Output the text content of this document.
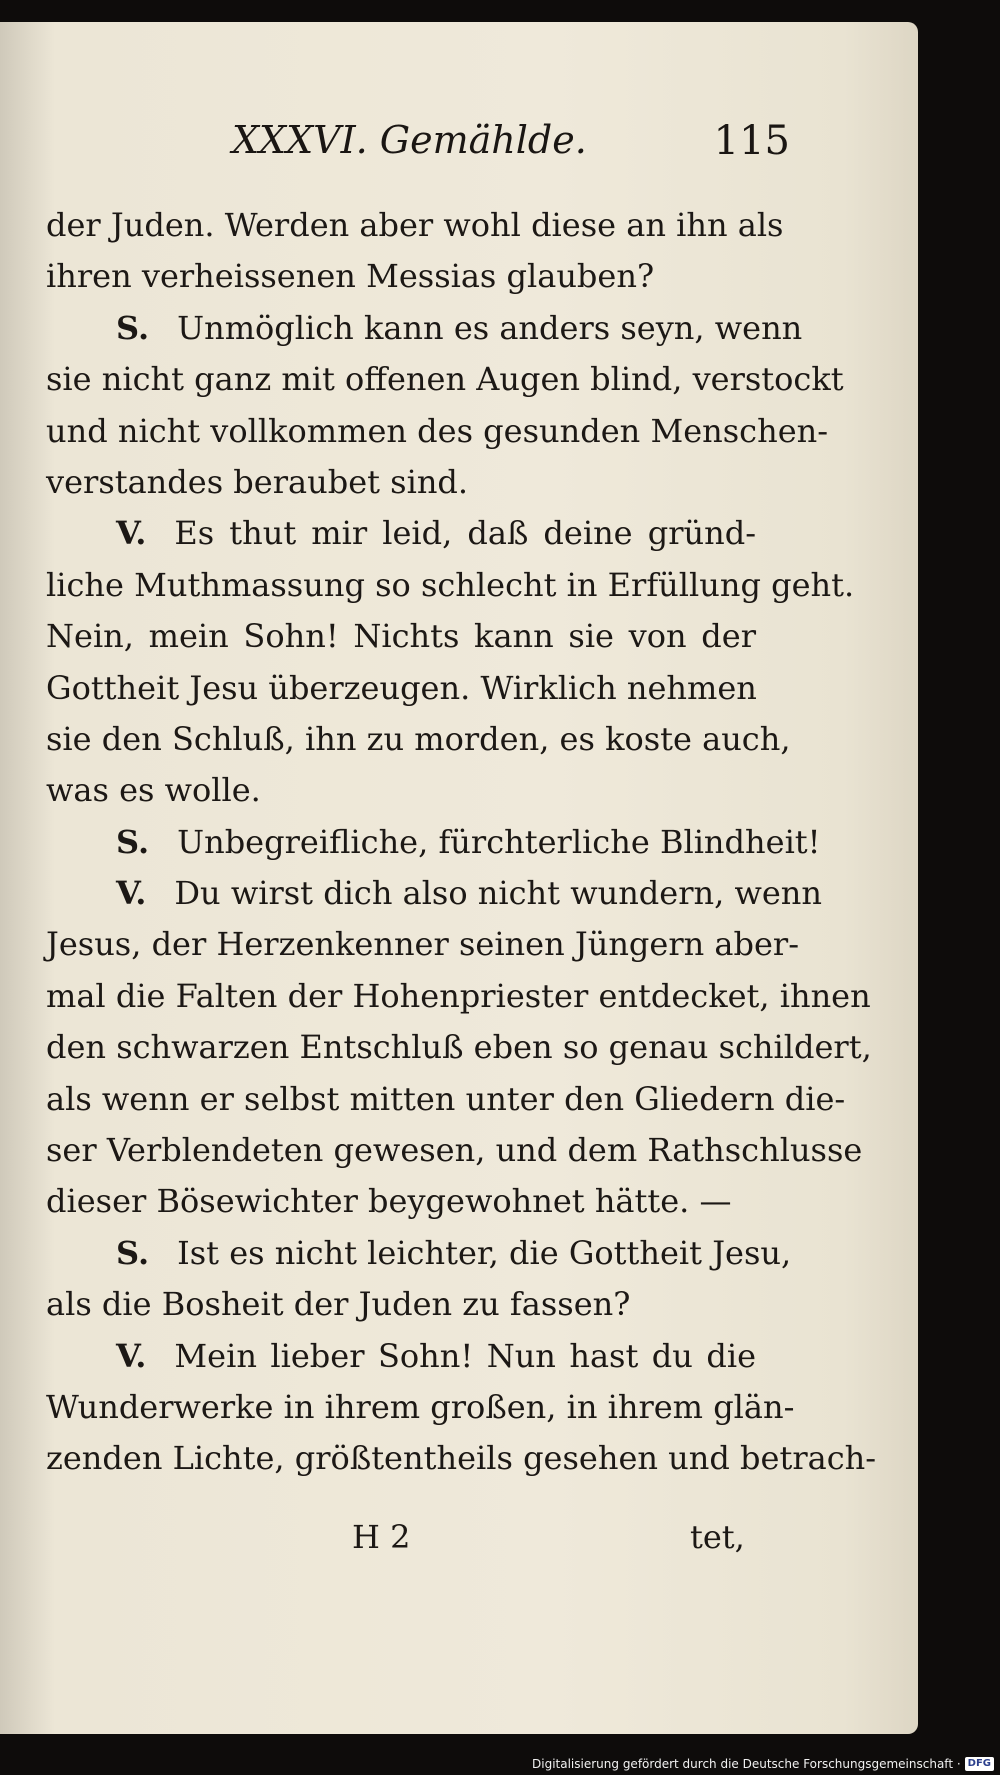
XXXVI. Gemählde.	115
der Juden. Werden aber wohl diese an ihn als
ihren verheissenen Messias glauben?
S. Unmöglich kann es anders seyn, wenn
sie nicht ganz mit offenen Augen blind, verstockt
und nicht vollkommen des gesunden Menschen-
verstandes beraubet sind.
V. Es thut mir leid, daß deine gründ-
liche Muthmassung so schlecht in Erfüllung geht.
Nein, mein Sohn! Nichts kann sie von der
Gottheit Jesu überzeugen. Wirklich nehmen
sie den Schluß, ihn zu morden, es koste auch,
was es wolle.
S. Unbegreifliche, fürchterliche Blindheit!
V. Du wirst dich also nicht wundern, wenn
Jesus, der Herzenkenner seinen Jüngern aber-
mal die Falten der Hohenpriester entdecket, ihnen
den schwarzen Entschluß eben so genau schildert,
als wenn er selbst mitten unter den Gliedern die-
ser Verblendeten gewesen, und dem Rathschlusse
dieser Bösewichter beygewohnet hätte. —
S. Ist es nicht leichter, die Gottheit Jesu,
als die Bosheit der Juden zu fassen?
V. Mein lieber Sohn! Nun hast du die
Wunderwerke in ihrem großen, in ihrem glän-
zenden Lichte, größtentheils gesehen und betrach-
H 2	tet,
Digitalisierung gefördert durch die Deutsche Forschungsgemeinschaft · DFG
